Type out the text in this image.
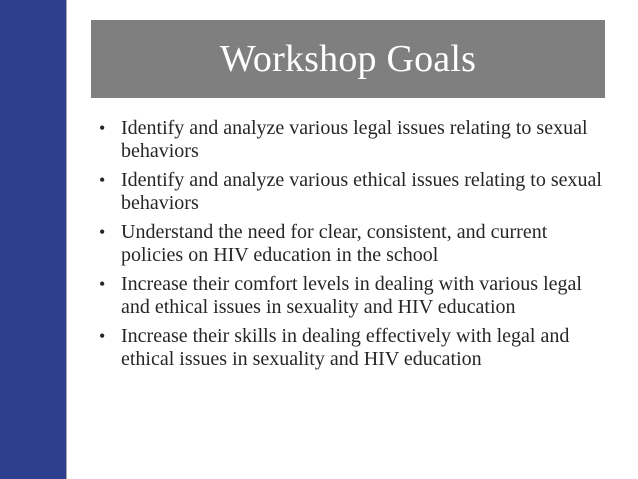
Workshop Goals
• Identify and analyze various legal issues relating to sexual behaviors
• Identify and analyze various ethical issues relating to sexual behaviors
• Understand the need for clear, consistent, and current policies on HIV education in the school
• Increase their comfort levels in dealing with various legal and ethical issues in sexuality and HIV education
• Increase their skills in dealing effectively with legal and ethical issues in sexuality and HIV education
